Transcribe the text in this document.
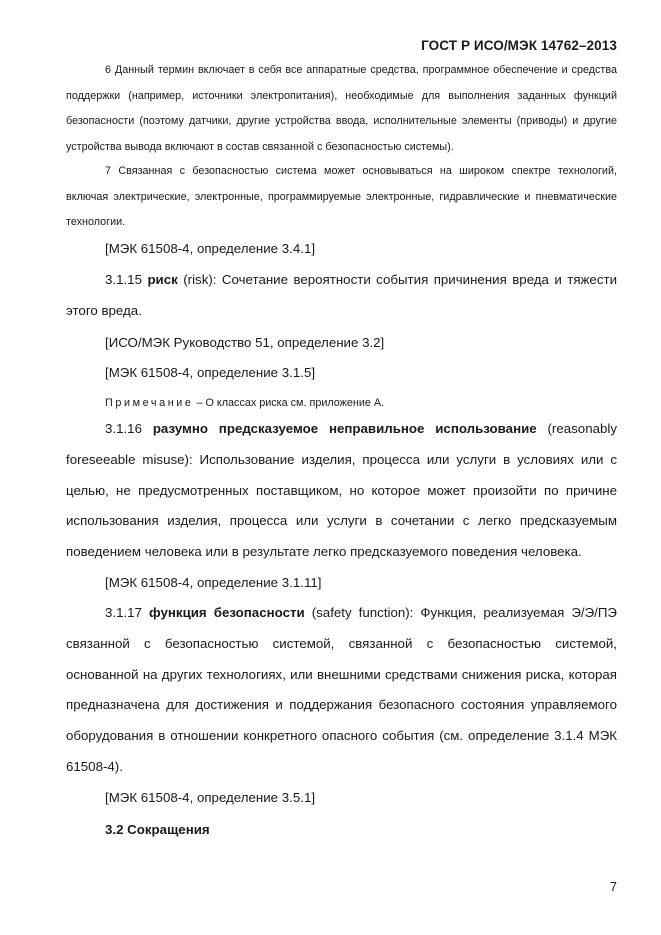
ГОСТ Р ИСО/МЭК 14762–2013

6 Данный термин включает в себя все аппаратные средства, программное обеспечение и средства поддержки (например, источники электропитания), необходимые для выполнения заданных функций безопасности (поэтому датчики, другие устройства ввода, исполнительные элементы (приводы) и другие устройства вывода включают в состав связанной с безопасностью системы).

7 Связанная с безопасностью система может основываться на широком спектре технологий, включая электрические, электронные, программируемые электронные, гидравлические и пневматические технологии.

[МЭК 61508-4, определение 3.4.1]

3.1.15 риск (risk): Сочетание вероятности события причинения вреда и тяжести этого вреда.

[ИСО/МЭК Руководство 51, определение 3.2]
[МЭК 61508-4, определение 3.1.5]
Примечание – О классах риска см. приложение А.

3.1.16 разумно предсказуемое неправильное использование (reasonably foreseeable misuse): Использование изделия, процесса или услуги в условиях или с целью, не предусмотренных поставщиком, но которое может произойти по причине использования изделия, процесса или услуги в сочетании с легко предсказуемым поведением человека или в результате легко предсказуемого поведения человека.

[МЭК 61508-4, определение 3.1.11]

3.1.17 функция безопасности (safety function): Функция, реализуемая Э/Э/ПЭ связанной с безопасностью системой, связанной с безопасностью системой, основанной на других технологиях, или внешними средствами снижения риска, которая предназначена для достижения и поддержания безопасного состояния управляемого оборудования в отношении конкретного опасного события (см. определение 3.1.4 МЭК 61508-4).

[МЭК 61508-4, определение 3.5.1]
3.2 Сокращения
7
